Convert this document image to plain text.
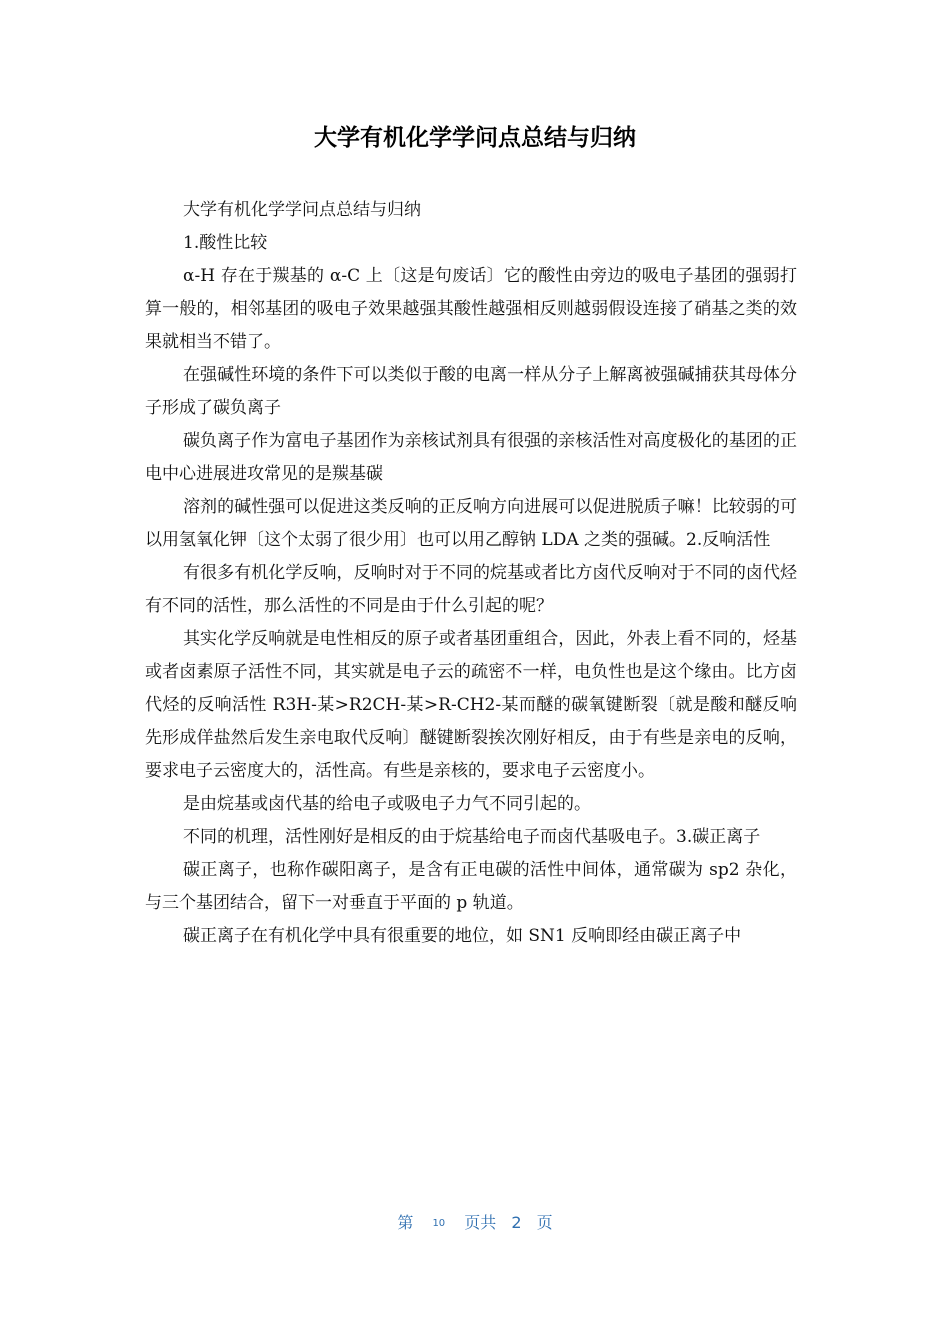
大学有机化学学问点总结与归纳

大学有机化学学问点总结与归纳

1.酸性比较

α-H 存在于羰基的 α-C 上〔这是句废话〕它的酸性由旁边的吸电子基团的强弱打算一般的，相邻基团的吸电子效果越强其酸性越强相反则越弱假设连接了硝基之类的效果就相当不错了。

在强碱性环境的条件下可以类似于酸的电离一样从分子上解离被强碱捕获其母体分子形成了碳负离子

碳负离子作为富电子基团作为亲核试剂具有很强的亲核活性对高度极化的基团的正电中心进展进攻常见的是羰基碳

溶剂的碱性强可以促进这类反响的正反响方向进展可以促进脱质子嘛！比较弱的可以用氢氧化钾〔这个太弱了很少用〕也可以用乙醇钠 LDA 之类的强碱。2.反响活性

有很多有机化学反响，反响时对于不同的烷基或者比方卤代反响对于不同的卤代烃有不同的活性，那么活性的不同是由于什么引起的呢？

其实化学反响就是电性相反的原子或者基团重组合，因此，外表上看不同的，烃基或者卤素原子活性不同，其实就是电子云的疏密不一样，电负性也是这个缘由。比方卤代烃的反响活性 R3H-某>R2CH-某>R-CH2-某而醚的碳氧键断裂〔就是酸和醚反响先形成佯盐然后发生亲电取代反响〕醚键断裂挨次刚好相反，由于有些是亲电的反响，要求电子云密度大的，活性高。有些是亲核的，要求电子云密度小。

是由烷基或卤代基的给电子或吸电子力气不同引起的。

不同的机理，活性刚好是相反的由于烷基给电子而卤代基吸电子。3.碳正离子

碳正离子，也称作碳阳离子，是含有正电碳的活性中间体，通常碳为 sp2 杂化，与三个基团结合，留下一对垂直于平面的 p 轨道。

碳正离子在有机化学中具有很重要的地位，如 SN1 反响即经由碳正离子中

第 10 页共 2 页
